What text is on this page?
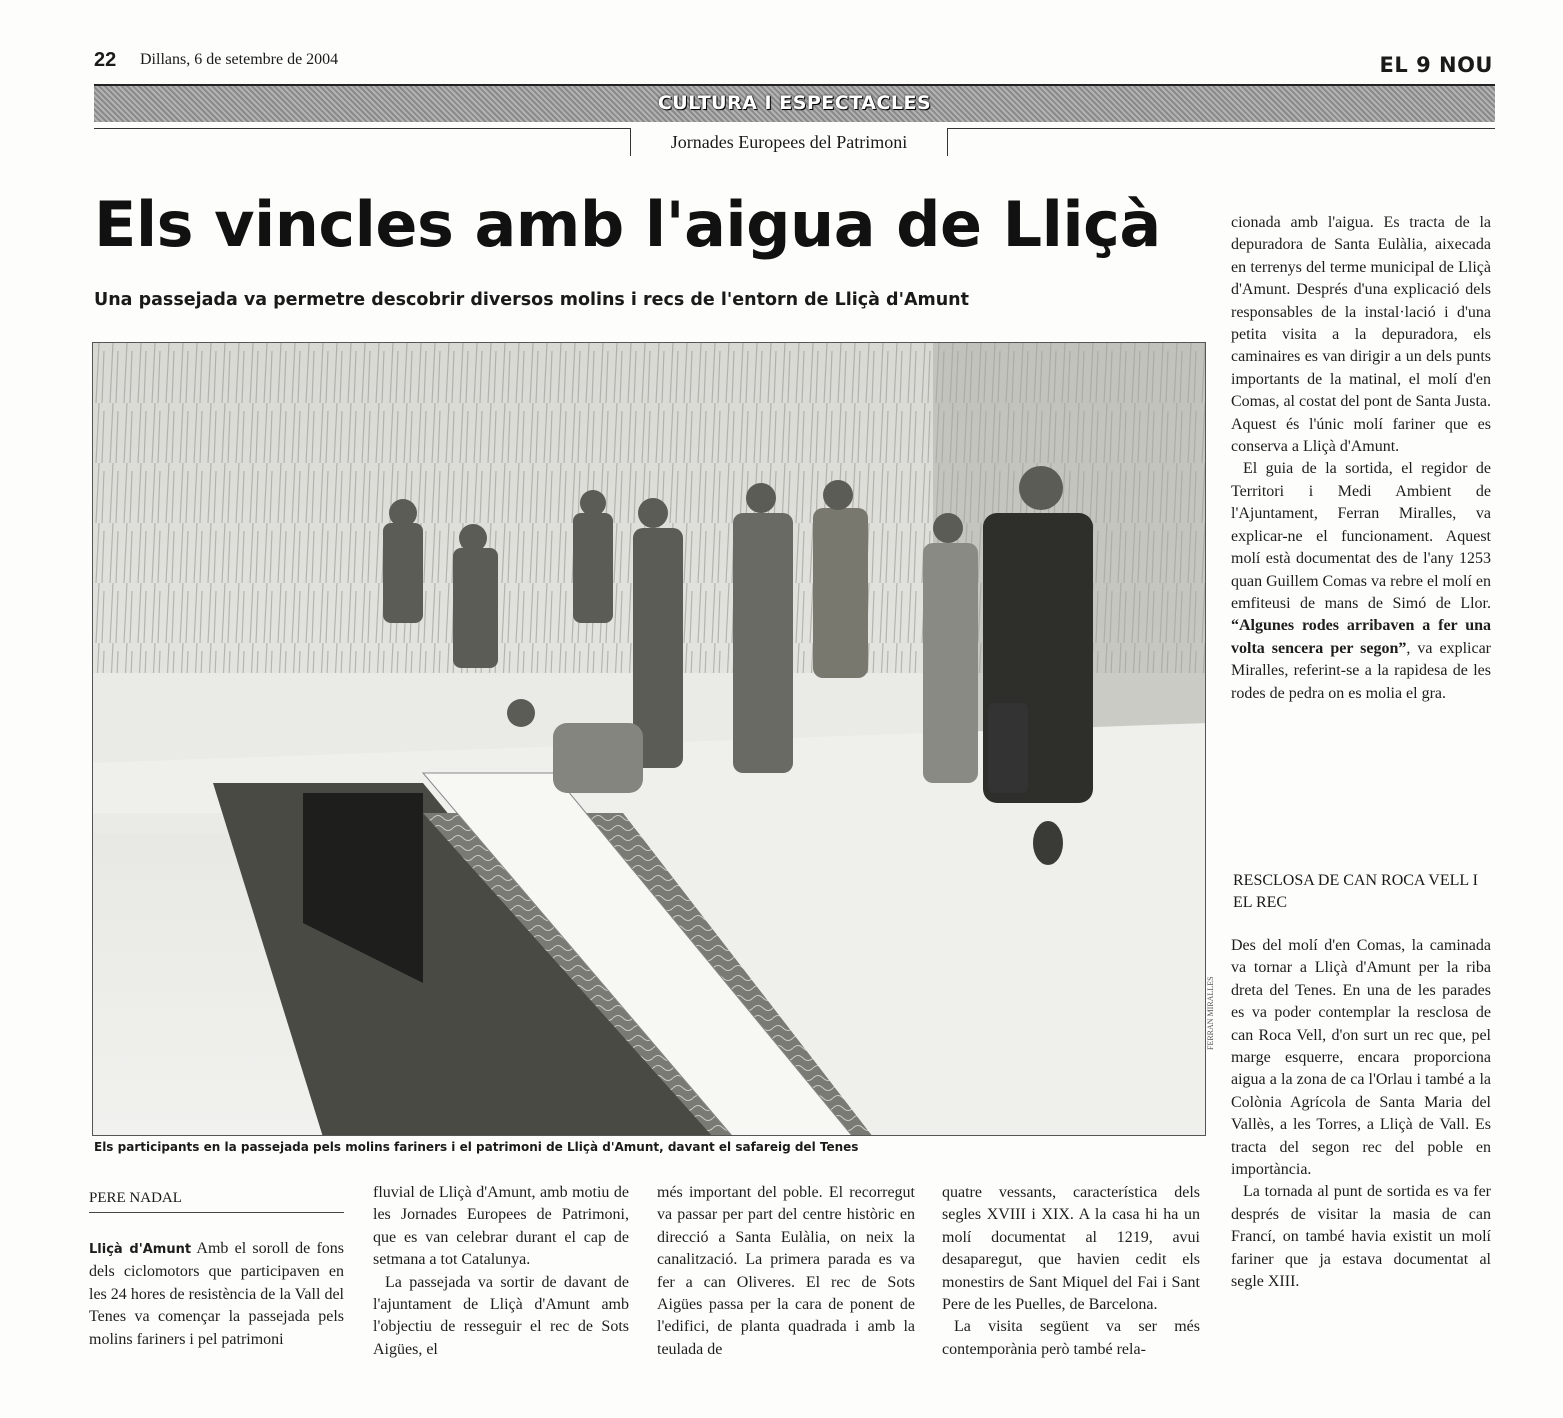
22 Dillans, 6 de setembre de 2004	EL 9 NOU
CULTURA I ESPECTACLES
Jornades Europees del Patrimoni
Els vincles amb l'aigua de Lliçà
Una passejada va permetre descobrir diversos molins i recs de l'entorn de Lliçà d'Amunt
FERRAN MIRALLES
Els participants en la passejada pels molins fariners i el patrimoni de Lliçà d'Amunt, davant el safareig del Tenes
PERE NADAL

Lliçà d'Amunt Amb el soroll de fons dels ciclomotors que participaven en les 24 hores de resistència de la Vall del Tenes va començar la passejada pels molins fariners i pel patrimoni

fluvial de Lliçà d'Amunt, amb motiu de les Jornades Europees de Patrimoni, que es van celebrar durant el cap de setmana a tot Catalunya.

La passejada va sortir de davant de l'ajuntament de Lliçà d'Amunt amb l'objectiu de resseguir el rec de Sots Aigües, el

més important del poble. El recorregut va passar per part del centre històric en direcció a Santa Eulàlia, on neix la canalització. La primera parada es va fer a can Oliveres. El rec de Sots Aigües passa per la cara de ponent de l'edifici, de planta quadrada i amb la teulada de

quatre vessants, característica dels segles XVIII i XIX. A la casa hi ha un molí documentat al 1219, avui desaparegut, que havien cedit els monestirs de Sant Miquel del Fai i Sant Pere de les Puelles, de Barcelona.

La visita següent va ser més contemporània però també rela-

cionada amb l'aigua. Es tracta de la depuradora de Santa Eulàlia, aixecada en terrenys del terme municipal de Lliçà d'Amunt. Després d'una explicació dels responsables de la instal·lació i d'una petita visita a la depuradora, els caminaires es van dirigir a un dels punts importants de la matinal, el molí d'en Comas, al costat del pont de Santa Justa. Aquest és l'únic molí fariner que es conserva a Lliçà d'Amunt.

El guia de la sortida, el regidor de Territori i Medi Ambient de l'Ajuntament, Ferran Miralles, va explicar-ne el funcionament. Aquest molí està documentat des de l'any 1253 quan Guillem Comas va rebre el molí en emfiteusi de mans de Simó de Llor. “Algunes rodes arribaven a fer una volta sencera per segon”, va explicar Miralles, referint-se a la rapidesa de les rodes de pedra on es molia el gra.

RESCLOSA DE CAN ROCA VELL I EL REC

Des del molí d'en Comas, la caminada va tornar a Lliçà d'Amunt per la riba dreta del Tenes. En una de les parades es va poder contemplar la resclosa de can Roca Vell, d'on surt un rec que, pel marge esquerre, encara proporciona aigua a la zona de ca l'Orlau i també a la Colònia Agrícola de Santa Maria del Vallès, a les Torres, a Lliçà de Vall. Es tracta del segon rec del poble en importància.

La tornada al punt de sortida es va fer després de visitar la masia de can Francí, on també havia existit un molí fariner que ja estava documentat al segle XIII.
